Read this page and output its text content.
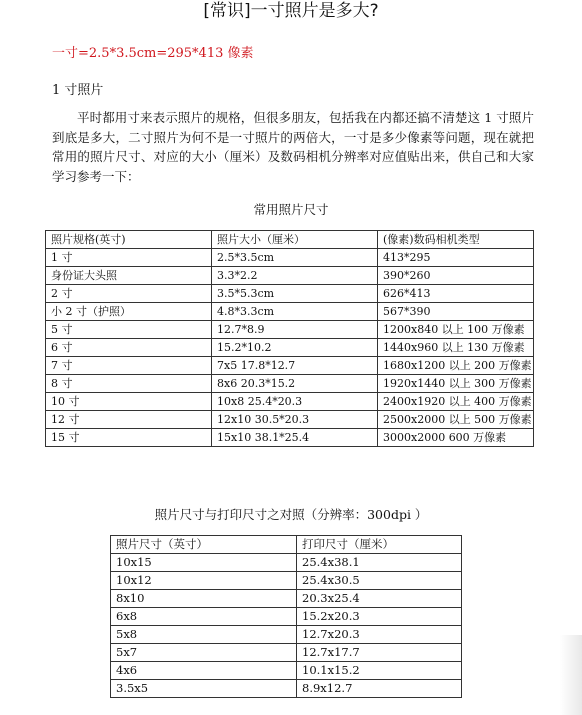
[常识]一寸照片是多大?
一寸=2.5*3.5cm=295*413 像素
1 寸照片
平时都用寸来表示照片的规格，但很多朋友，包括我在内都还搞不清楚这 1 寸照片到底是多大，二寸照片为何不是一寸照片的两倍大，一寸是多少像素等问题，现在就把常用的照片尺寸、对应的大小（厘米）及数码相机分辨率对应值贴出来，供自己和大家学习参考一下：
常用照片尺寸
照片规格(英寸)	照片大小（厘米）	(像素)数码相机类型
1 寸	2.5*3.5cm	413*295
身份证大头照	3.3*2.2	390*260
2 寸	3.5*5.3cm	626*413
小 2 寸（护照）	4.8*3.3cm	567*390
5 寸	12.7*8.9	1200x840 以上 100 万像素
6 寸	15.2*10.2	1440x960 以上 130 万像素
7 寸	7x5 17.8*12.7	1680x1200 以上 200 万像素
8 寸	8x6 20.3*15.2	1920x1440 以上 300 万像素
10 寸	10x8 25.4*20.3	2400x1920 以上 400 万像素
12 寸	12x10 30.5*20.3	2500x2000 以上 500 万像素
15 寸	15x10 38.1*25.4	3000x2000 600 万像素
照片尺寸与打印尺寸之对照（分辨率：300dpi ）
照片尺寸（英寸）	打印尺寸（厘米）
10x15	25.4x38.1
10x12	25.4x30.5
8x10	20.3x25.4
6x8	15.2x20.3
5x8	12.7x20.3
5x7	12.7x17.7
4x6	10.1x15.2
3.5x5	8.9x12.7
